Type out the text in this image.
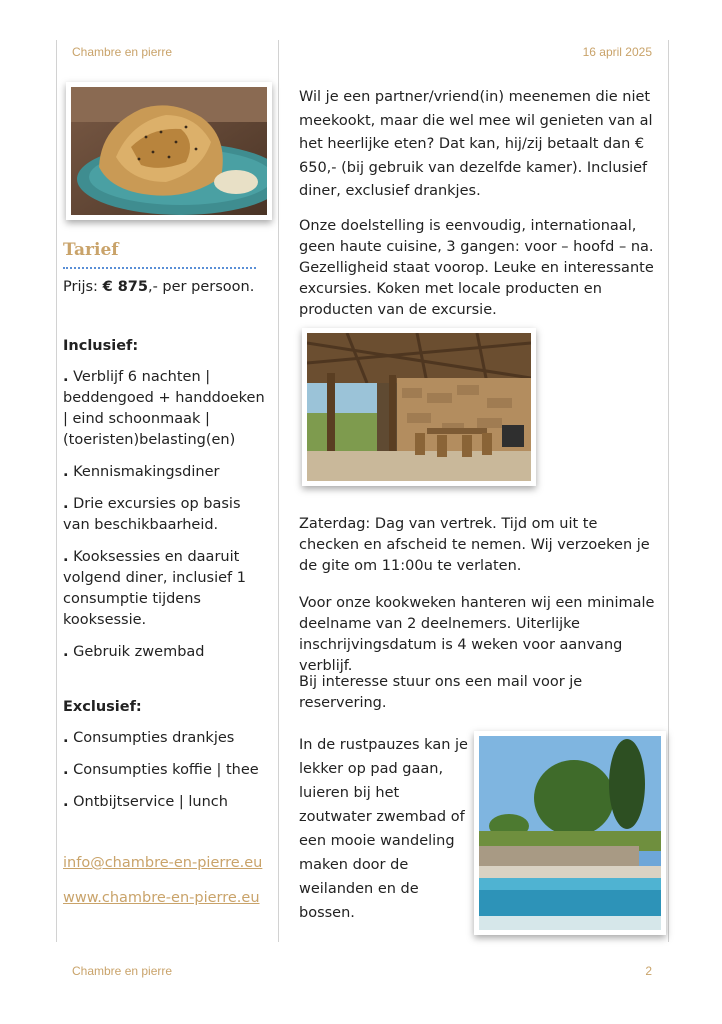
Chambre en pierre	16 april 2025
Tarief
Prijs: € 875,- per persoon.
Inclusief:
. Verblijf 6 nachten | beddengoed + handdoeken | eind schoonmaak | (toeristen)belasting(en)
. Kennismakingsdiner
. Drie excursies op basis van beschikbaarheid.
. Kooksessies en daaruit volgend diner, inclusief 1 consumptie tijdens kooksessie.
. Gebruik zwembad
Exclusief:
. Consumpties drankjes
. Consumpties koffie | thee
. Ontbijtservice | lunch
info@chambre-en-pierre.eu
www.chambre-en-pierre.eu

Wil je een partner/vriend(in) meenemen die niet meekookt, maar die wel mee wil genieten van al het heerlijke eten? Dat kan, hij/zij betaalt dan € 650,- (bij gebruik van dezelfde kamer). Inclusief diner, exclusief drankjes.

Onze doelstelling is eenvoudig, internationaal, geen haute cuisine, 3 gangen: voor – hoofd – na. Gezelligheid staat voorop. Leuke en interessante excursies. Koken met locale producten en producten van de excursie.

Zaterdag: Dag van vertrek. Tijd om uit te checken en afscheid te nemen. Wij verzoeken je de gite om 11:00u te verlaten.

Voor onze kookweken hanteren wij een minimale deelname van 2 deelnemers. Uiterlijke inschrijvingsdatum is 4 weken voor aanvang verblijf.

Bij interesse stuur ons een mail voor je reservering.

In de rustpauzes kan je lekker op pad gaan, luieren bij het zoutwater zwembad of een mooie wandeling maken door de weilanden en de bossen.

Chambre en pierre	2
